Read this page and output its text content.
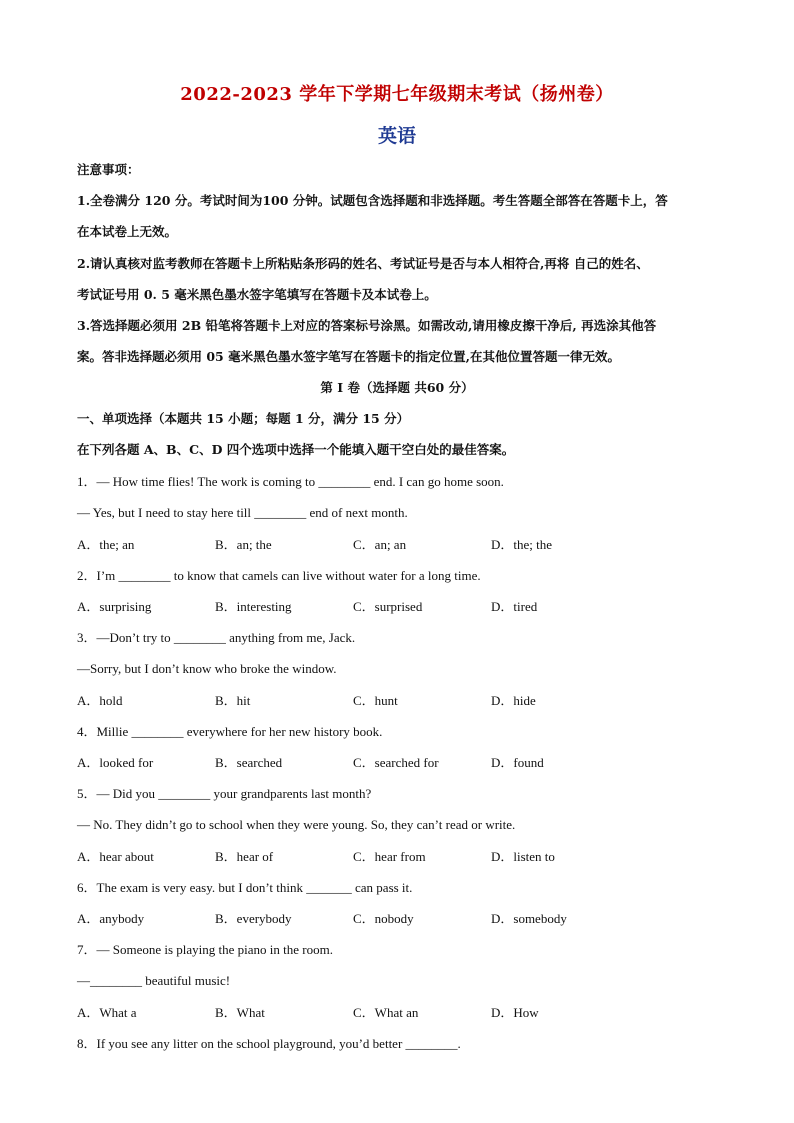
2022-2023 学年下学期七年级期末考试（扬州卷）
英语
注意事项：
1.全卷满分 120 分。考试时间为100 分钟。试题包含选择题和非选择题。考生答题全部答在答题卡上，答
在本试卷上无效。
2.请认真核对监考教师在答题卡上所粘贴条形码的姓名、考试证号是否与本人相符合,再将 自己的姓名、
考试证号用 0. 5 毫米黑色墨水签字笔填写在答题卡及本试卷上。
3.答选择题必须用 2B 铅笔将答题卡上对应的答案标号涂黑。如需改动,请用橡皮擦干净后, 再选涂其他答
案。答非选择题必须用 05 毫米黑色墨水签字笔写在答题卡的指定位置,在其他位置答题一律无效。
第 I 卷（选择题 共60 分）
一、单项选择（本题共 15 小题；每题 1 分，满分 15 分）
在下列各题 A、B、C、D 四个选项中选择一个能填入题干空白处的最佳答案。
1．— How time flies! The work is coming to ________ end. I can go home soon.
— Yes, but I need to stay here till ________ end of next month.
A．the; an	B．an; the	C．an; an	D．the; the
2．I’m ________ to know that camels can live without water for a long time.
A．surprising	B．interesting	C．surprised	D．tired
3．—Don’t try to ________ anything from me, Jack.
—Sorry, but I don’t know who broke the window.
A．hold	B．hit	C．hunt	D．hide
4．Millie ________ everywhere for her new history book.
A．looked for	B．searched	C．searched for	D．found
5．— Did you ________ your grandparents last month?
— No. They didn’t go to school when they were young. So, they can’t read or write.
A．hear about	B．hear of	C．hear from	D．listen to
6．The exam is very easy. but I don’t think _______ can pass it.
A．anybody	B．everybody	C．nobody	D．somebody
7．— Someone is playing the piano in the room.
—________ beautiful music!
A．What a	B．What	C．What an	D．How
8．If you see any litter on the school playground, you’d better ________.
